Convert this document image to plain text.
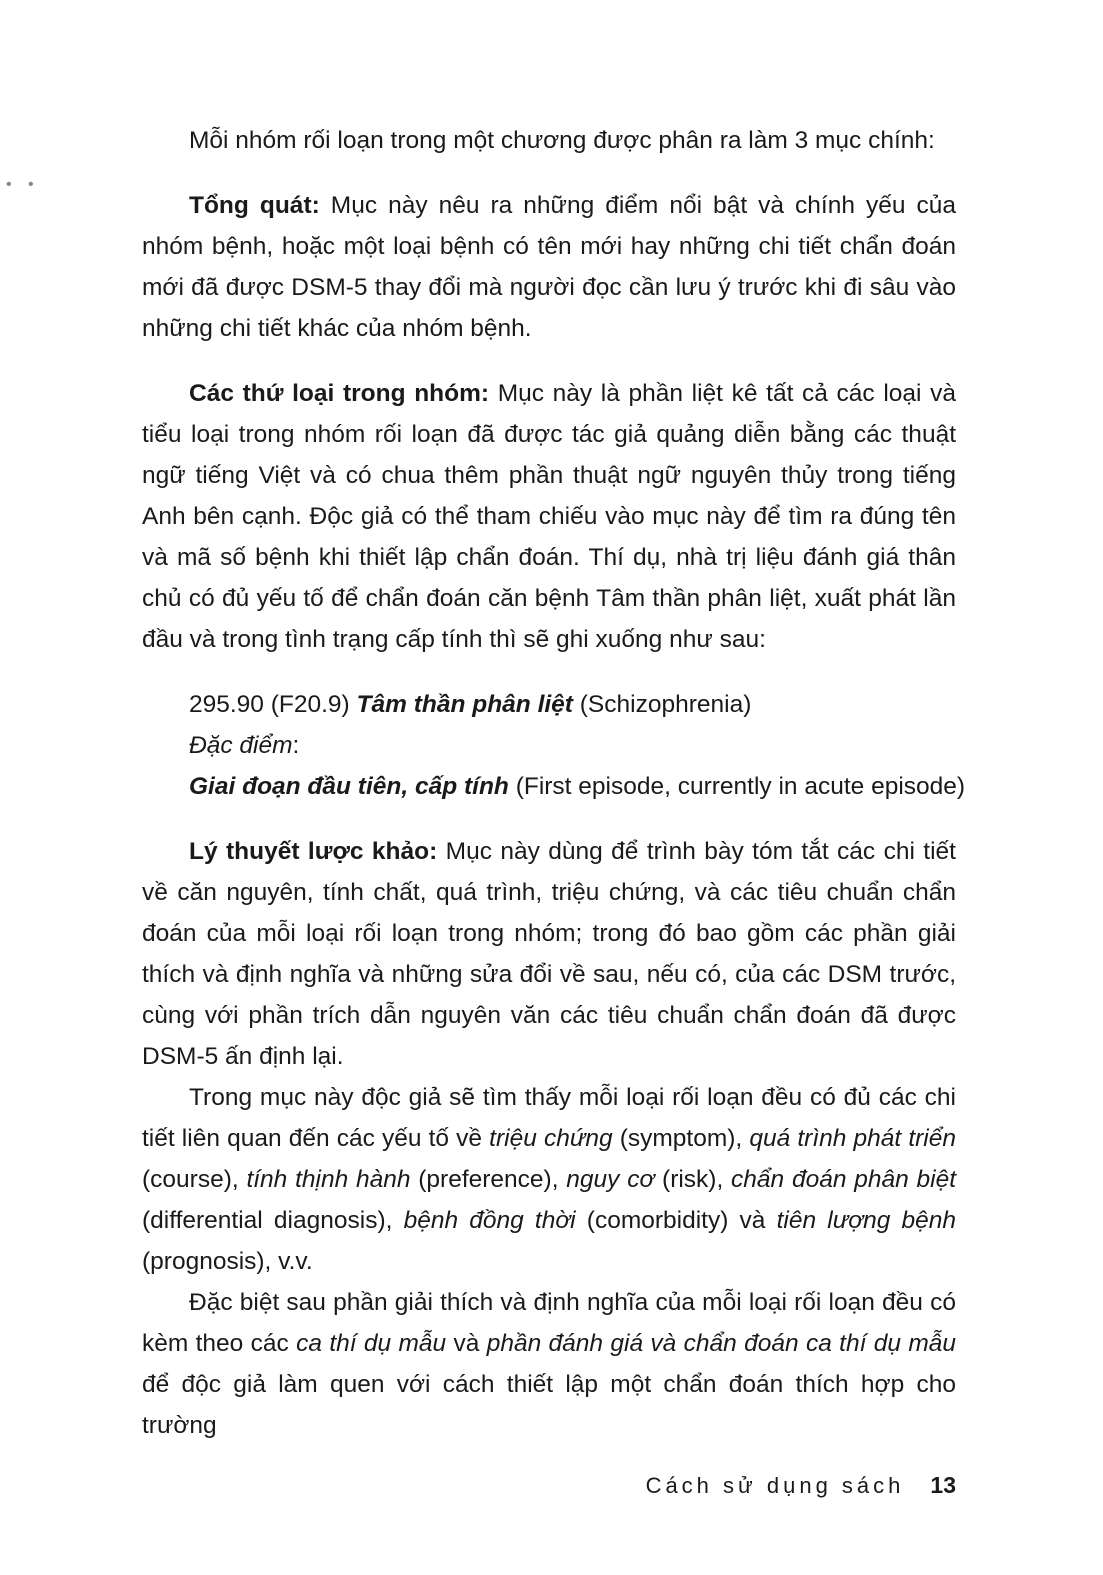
• •

Mỗi nhóm rối loạn trong một chương được phân ra làm 3 mục chính:

Tổng quát: Mục này nêu ra những điểm nổi bật và chính yếu của nhóm bệnh, hoặc một loại bệnh có tên mới hay những chi tiết chẩn đoán mới đã được DSM-5 thay đổi mà người đọc cần lưu ý trước khi đi sâu vào những chi tiết khác của nhóm bệnh.

Các thứ loại trong nhóm: Mục này là phần liệt kê tất cả các loại và tiểu loại trong nhóm rối loạn đã được tác giả quảng diễn bằng các thuật ngữ tiếng Việt và có chua thêm phần thuật ngữ nguyên thủy trong tiếng Anh bên cạnh. Độc giả có thể tham chiếu vào mục này để tìm ra đúng tên và mã số bệnh khi thiết lập chẩn đoán. Thí dụ, nhà trị liệu đánh giá thân chủ có đủ yếu tố để chẩn đoán căn bệnh Tâm thần phân liệt, xuất phát lần đầu và trong tình trạng cấp tính thì sẽ ghi xuống như sau:

295.90 (F20.9) Tâm thần phân liệt (Schizophrenia)
Đặc điểm:
Giai đoạn đầu tiên, cấp tính (First episode, currently in acute episode)

Lý thuyết lược khảo: Mục này dùng để trình bày tóm tắt các chi tiết về căn nguyên, tính chất, quá trình, triệu chứng, và các tiêu chuẩn chẩn đoán của mỗi loại rối loạn trong nhóm; trong đó bao gồm các phần giải thích và định nghĩa và những sửa đổi về sau, nếu có, của các DSM trước, cùng với phần trích dẫn nguyên văn các tiêu chuẩn chẩn đoán đã được DSM-5 ấn định lại.

Trong mục này độc giả sẽ tìm thấy mỗi loại rối loạn đều có đủ các chi tiết liên quan đến các yếu tố về triệu chứng (symptom), quá trình phát triển (course), tính thịnh hành (preference), nguy cơ (risk), chẩn đoán phân biệt (differential diagnosis), bệnh đồng thời (comorbidity) và tiên lượng bệnh (prognosis), v.v.

Đặc biệt sau phần giải thích và định nghĩa của mỗi loại rối loạn đều có kèm theo các ca thí dụ mẫu và phần đánh giá và chẩn đoán ca thí dụ mẫu để độc giả làm quen với cách thiết lập một chẩn đoán thích hợp cho trường

Cách sử dụng sách 13
